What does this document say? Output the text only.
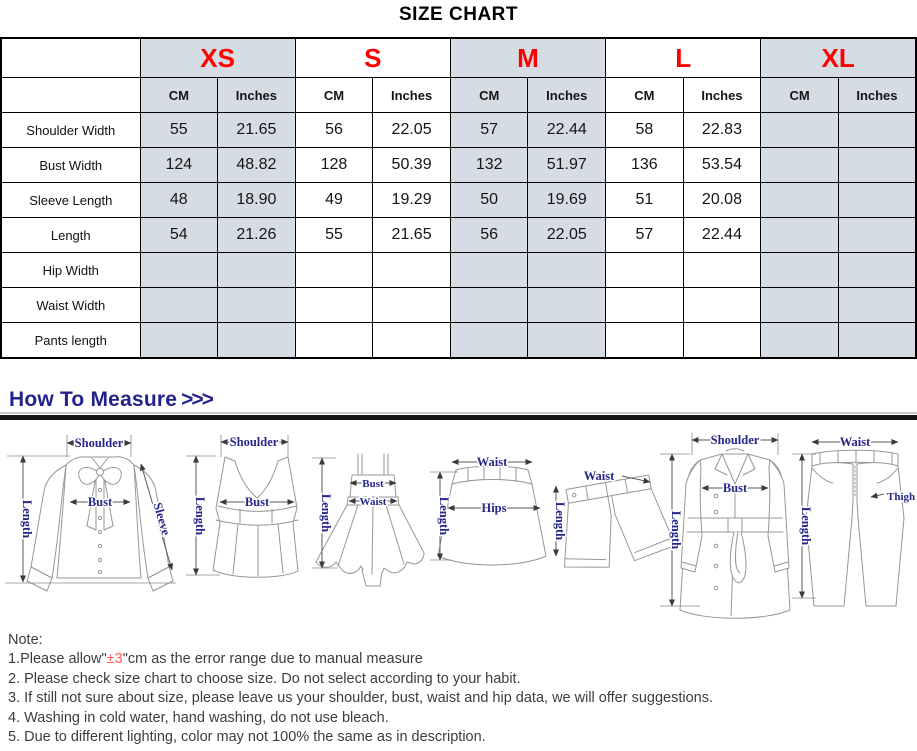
SIZE CHART
	XS		S		M		L		XL	
	CM	Inches	CM	Inches	CM	Inches	CM	Inches	CM	Inches
Shoulder Width	55	21.65	56	22.05	57	22.44	58	22.83		
Bust Width	124	48.82	128	50.39	132	51.97	136	53.54		
Sleeve Length	48	18.90	49	19.29	50	19.69	51	20.08		
Length	54	21.26	55	21.65	56	22.05	57	22.44		
Hip Width										
Waist Width										
Pants length										
How To Measure >>>
Shoulder
Length	Bust	Sleeve
Shoulder
Length	Bust	Length
Bust
Waist
Waist
Length Hips
Waist
Length
Shoulder
Length
Bust
Waist
Length
Thigh
Note:
1.Please allow"±3"cm as the error range due to manual measure
2. Please check size chart to choose size. Do not select according to your habit.
3. If still not sure about size, please leave us your shoulder, bust, waist and hip data, we will offer suggestions.
4. Washing in cold water, hand washing, do not use bleach.
5. Due to different lighting, color may not 100% the same as in description.
